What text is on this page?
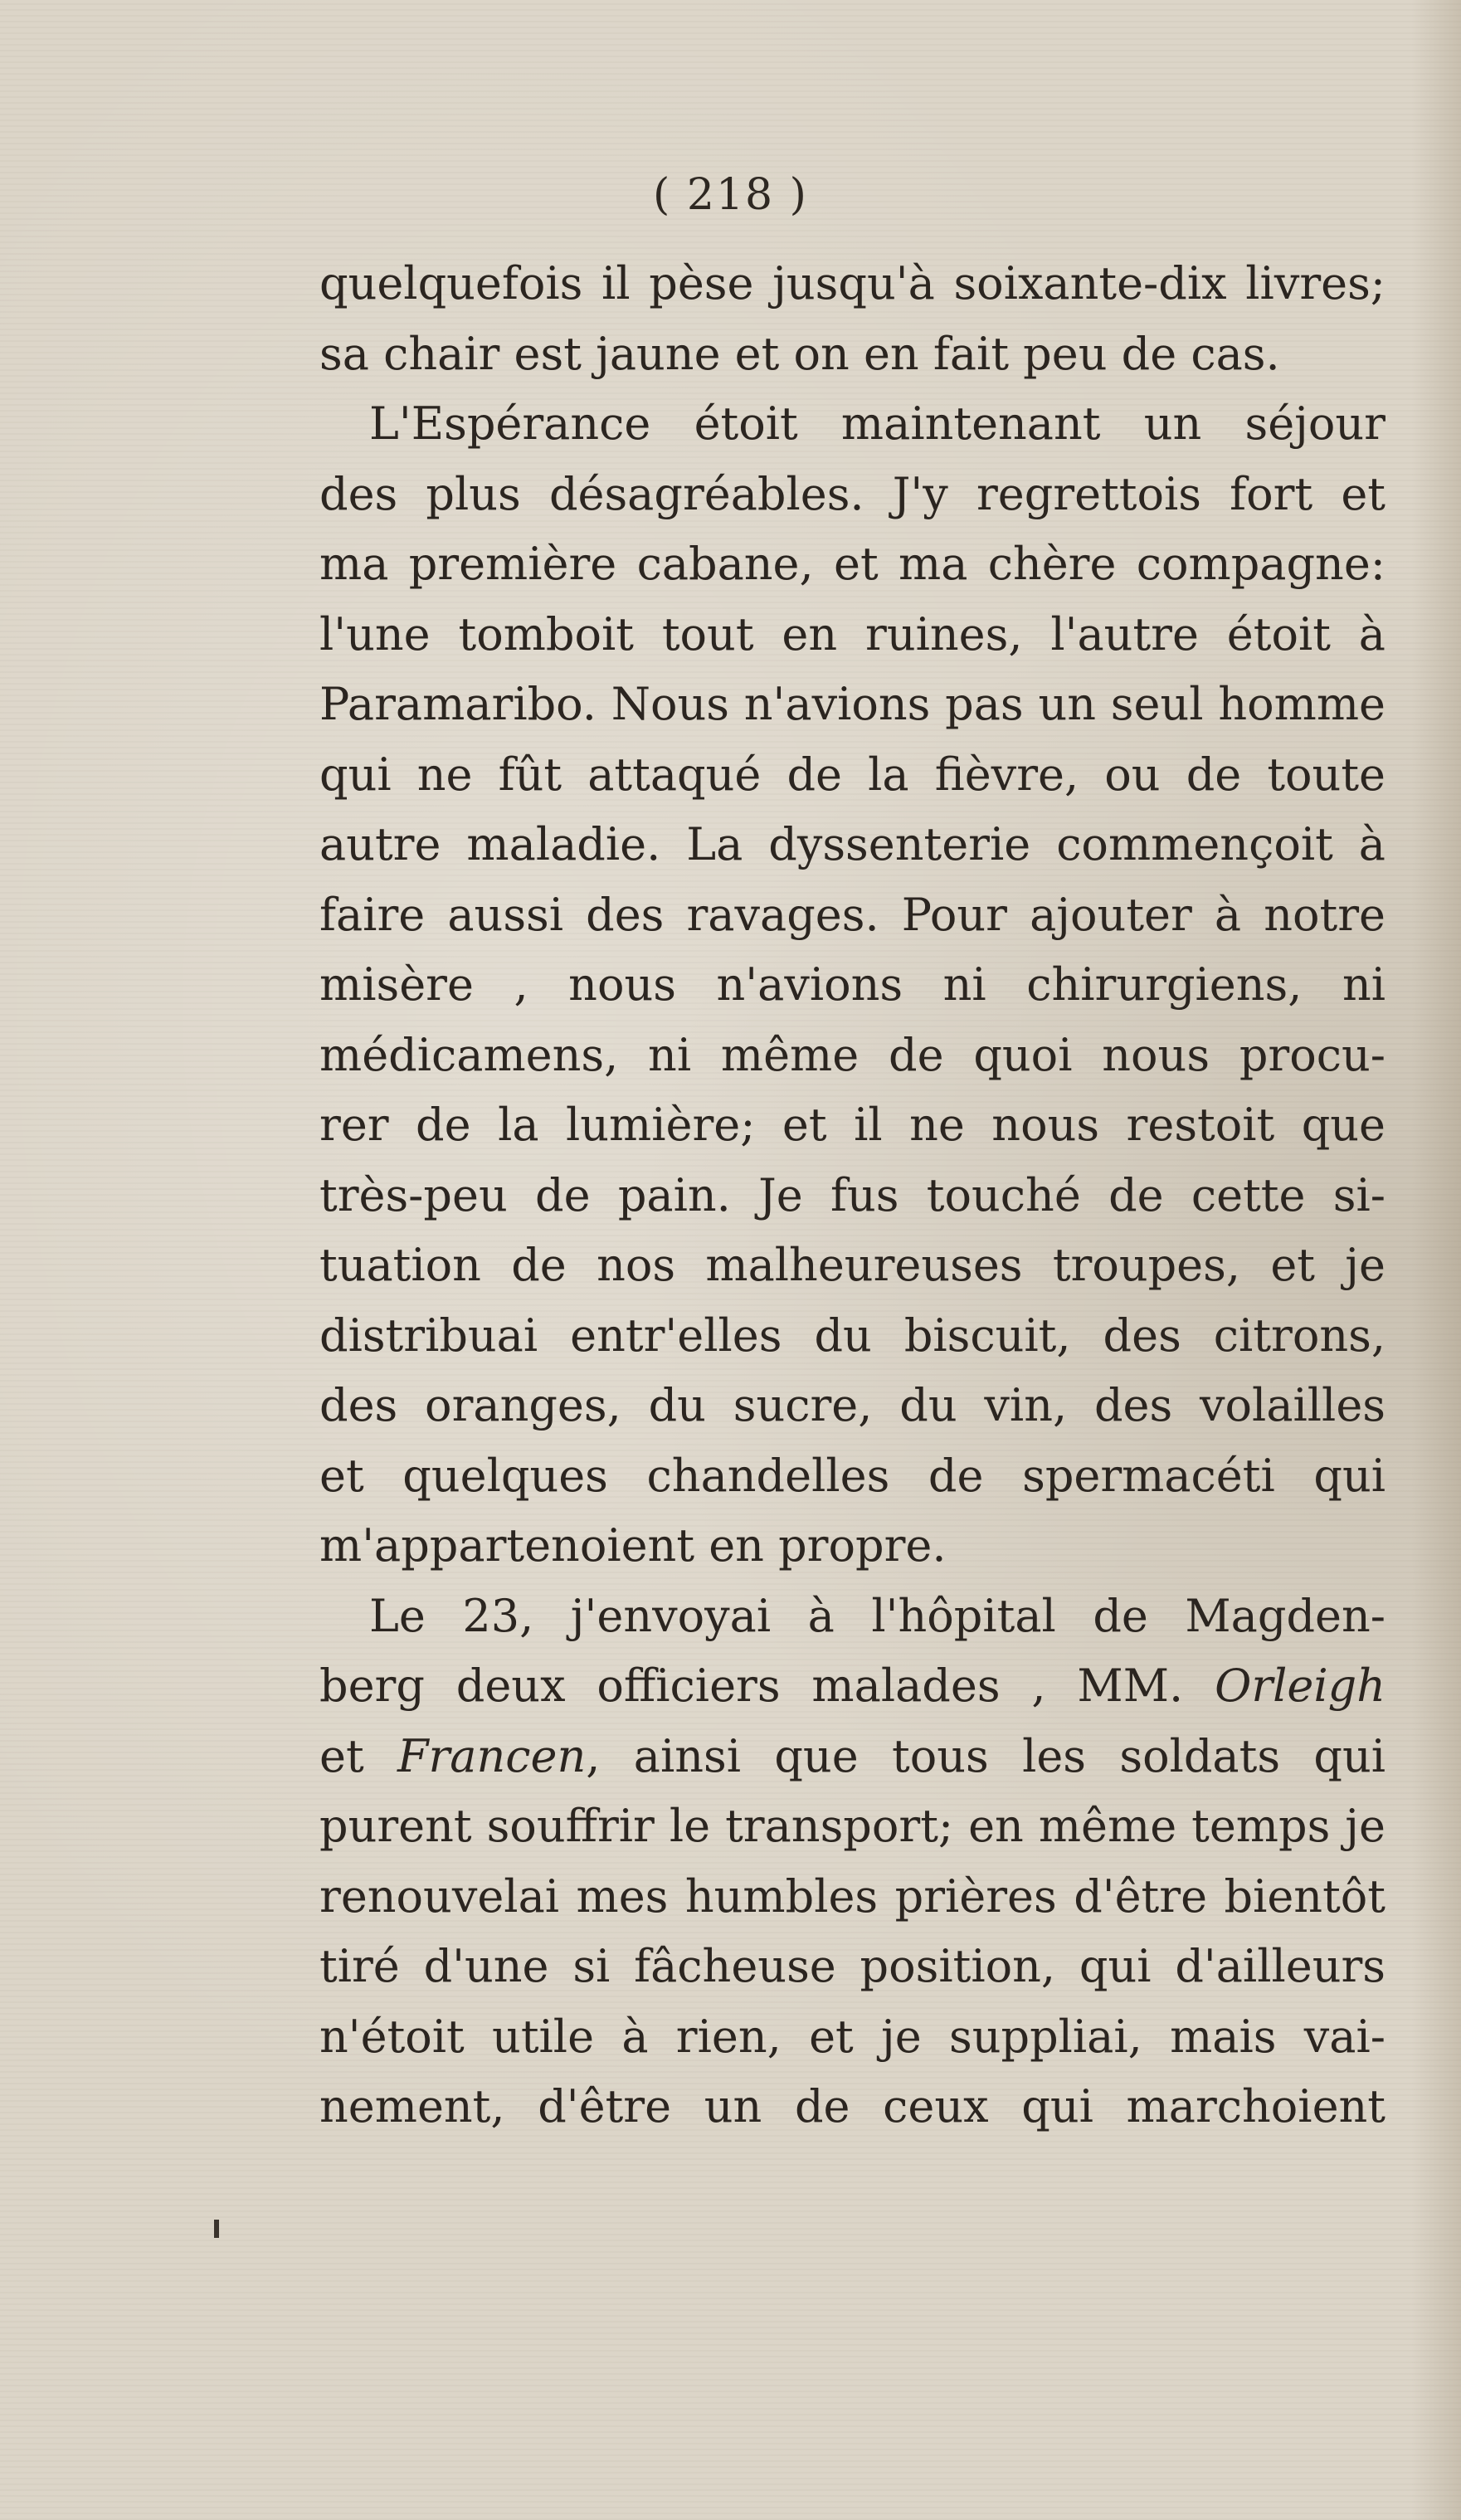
( 218 )
quelquefois il pèse jusqu'à soixante-dix livres;
sa chair est jaune et on en fait peu de cas.
L'Espérance étoit maintenant un séjour
des plus désagréables. J'y regrettois fort et
ma première cabane, et ma chère compagne:
l'une tomboit tout en ruines, l'autre étoit à
Paramaribo. Nous n'avions pas un seul homme
qui ne fût attaqué de la fièvre, ou de toute
autre maladie. La dyssenterie commençoit à
faire aussi des ravages. Pour ajouter à notre
misère , nous n'avions ni chirurgiens, ni
médicamens, ni même de quoi nous procu-
rer de la lumière; et il ne nous restoit que
très-peu de pain. Je fus touché de cette si-
tuation de nos malheureuses troupes, et je
distribuai entr'elles du biscuit, des citrons,
des oranges, du sucre, du vin, des volailles
et quelques chandelles de spermacéti qui
m'appartenoient en propre.
Le 23, j'envoyai à l'hôpital de Magden-
berg deux officiers malades , MM. Orleigh
et Francen, ainsi que tous les soldats qui
purent souffrir le transport; en même temps je
renouvelai mes humbles prières d'être bientôt
tiré d'une si fâcheuse position, qui d'ailleurs
n'étoit utile à rien, et je suppliai, mais vai-
nement, d'être un de ceux qui marchoient
